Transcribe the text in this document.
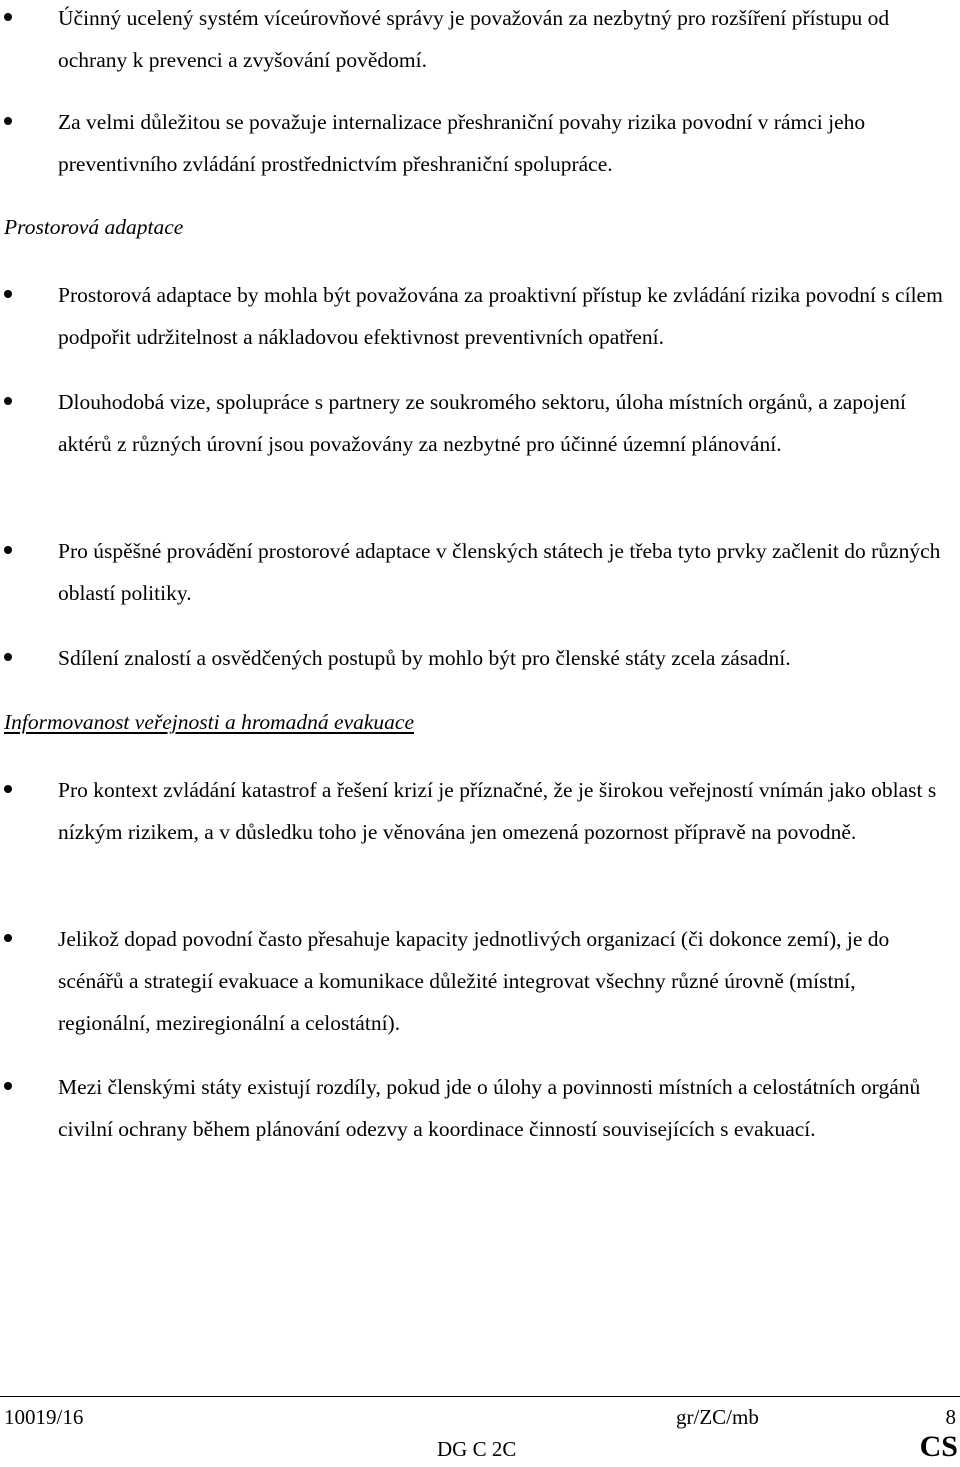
Účinný ucelený systém víceúrovňové správy je považován za nezbytný pro rozšíření přístupu od ochrany k prevenci a zvyšování povědomí.
Za velmi důležitou se považuje internalizace přeshraniční povahy rizika povodní v rámci jeho preventivního zvládání prostřednictvím přeshraniční spolupráce.
Prostorová adaptace
Prostorová adaptace by mohla být považována za proaktivní přístup ke zvládání rizika povodní s cílem podpořit udržitelnost a nákladovou efektivnost preventivních opatření.
Dlouhodobá vize, spolupráce s partnery ze soukromého sektoru, úloha místních orgánů, a zapojení aktérů z různých úrovní jsou považovány za nezbytné pro účinné územní plánování.
Pro úspěšné provádění prostorové adaptace v členských státech je třeba tyto prvky začlenit do různých oblastí politiky.
Sdílení znalostí a osvědčených postupů by mohlo být pro členské státy zcela zásadní.
Informovanost veřejnosti a hromadná evakuace
Pro kontext zvládání katastrof a řešení krizí je příznačné, že je širokou veřejností vnímán jako oblast s nízkým rizikem, a v důsledku toho je věnována jen omezená pozornost přípravě na povodně.
Jelikož dopad povodní často přesahuje kapacity jednotlivých organizací (či dokonce zemí), je do scénářů a strategií evakuace a komunikace důležité integrovat všechny různé úrovně (místní, regionální, meziregionální a celostátní).
Mezi členskými státy existují rozdíly, pokud jde o úlohy a povinnosti místních a celostátních orgánů civilní ochrany během plánování odezvy a koordinace činností souvisejících s evakuací.
10019/16	gr/ZC/mb	8
DG C 2C	CS
